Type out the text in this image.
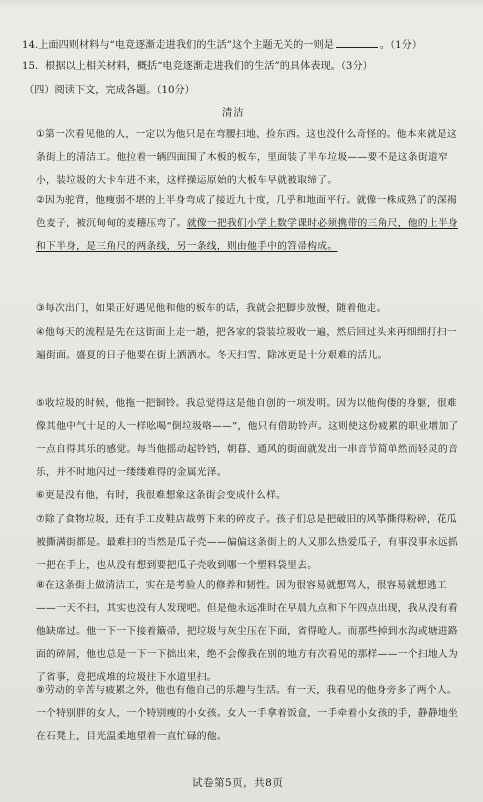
14.上面四则材料与“电竞逐渐走进我们的生活”这个主题无关的一则是	。（1分）
15．根据以上相关材料，概括“电竞逐渐走进我们的生活”的具体表现。（3分）
（四）阅读下文，完成各题。（10分）
清洁
①第一次看见他的人，一定以为他只是在弯腰扫地、捡东西。这也没什么奇怪的。他本来就是这条街上的清洁工。他拉着一辆四面围了木板的板车，里面装了半车垃圾——要不是这条街道窄小，装垃圾的大卡车进不来，这样操运原始的大板车早就被取缔了。
②因为驼背，他瘦弱不堪的上半身弯成了接近九十度，几乎和地面平行。就像一株成熟了的深褐色麦子，被沉甸甸的麦穗压弯了。就像一把我们小学上数学课时必须携带的三角尺，他的上半身和下半身，是三角尺的两条线，另一条线，则由他手中的笤帚构成。
③每次出门，如果正好遇见他和他的板车的话，我就会把脚步放慢，随着他走。
④他每天的流程是先在这街面上走一趟，把各家的袋装垃圾收一遍，然后回过头来再细细打扫一遍街面。盛夏的日子他要在街上洒洒水。冬天扫雪、除冰更是十分艰难的活儿。
⑤收垃圾的时候，他拖一把铜铃。我总觉得这是他自创的一项发明。因为以他佝偻的身躯，很难像其他中气十足的人一样吆喝“倒垃圾咯——”，他只有借助铃声。这则使这份疲累的职业增加了一点自得其乐的感觉。每当他摇动起铃铛，朝暮、通风的街面就发出一串音节简单然而轻灵的音乐，并不时地闪过一缕缕难得的金属光泽。
⑥更是没有他，有时，我很难想象这条街会变成什么样。
⑦除了食物垃圾，还有手工皮鞋店裁剪下来的碎皮子。孩子们总是把破旧的风筝撕得粉碎，花瓜被撕满街都是。最难扫的当然是瓜子壳——偏偏这条街上的人又那么热爱瓜子，有事没事永远抓一把在手上，也从没有想到要把瓜子壳收到哪一个塑料袋里去。
⑧在这条街上做清洁工，实在是考验人的修养和韧性。因为很容易就想骂人，很容易就想逃工——一天不扫，其实也没有人发现吧。但是他永远准时在早晨九点和下午四点出现，我从没有看他缺席过。他一下一下接着簸帚，把垃圾与灰尘压在下面，省得呛人。而那些掉到水沟或塘进路面的碎屑，他也总是一下一下拙出来，绝不会像我在别的地方有次看见的那样——一个扫地人为了省事，竟把成堆的垃圾往下水道里扫。
⑨劳动的辛苦与疲累之外，他也有他自己的乐趣与生活。有一天，我看见的他身旁多了两个人。一个特别胖的女人，一个特别瘦的小女孩。女人一手拿着饭盒，一手牵着小女孩的手，静静地坐在石凳上，目光温柔地望着一直忙碌的他。
试卷第5页，共8页
